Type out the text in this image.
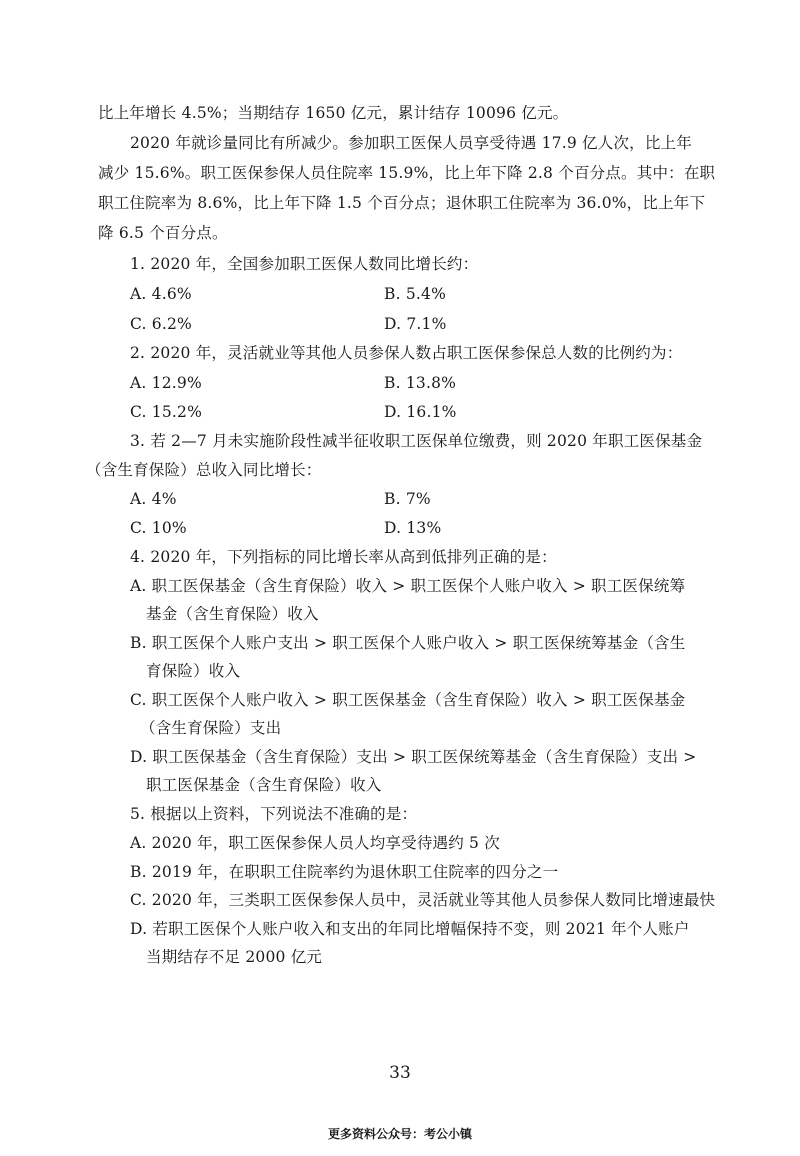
比上年增长 4.5%；当期结存 1650 亿元，累计结存 10096 亿元。
2020 年就诊量同比有所减少。参加职工医保人员享受待遇 17.9 亿人次，比上年
减少 15.6%。职工医保参保人员住院率 15.9%，比上年下降 2.8 个百分点。其中：在职
职工住院率为 8.6%，比上年下降 1.5 个百分点；退休职工住院率为 36.0%，比上年下
降 6.5 个百分点。
1. 2020 年，全国参加职工医保人数同比增长约：
A. 4.6%	B. 5.4%
C. 6.2%	D. 7.1%
2. 2020 年，灵活就业等其他人员参保人数占职工医保参保总人数的比例约为：
A. 12.9%	B. 13.8%
C. 15.2%	D. 16.1%
3. 若 2—7 月未实施阶段性减半征收职工医保单位缴费，则 2020 年职工医保基金
（含生育保险）总收入同比增长：
A. 4%	B. 7%
C. 10%	D. 13%
4. 2020 年，下列指标的同比增长率从高到低排列正确的是：
A. 职工医保基金（含生育保险）收入 > 职工医保个人账户收入 > 职工医保统筹
基金（含生育保险）收入
B. 职工医保个人账户支出 > 职工医保个人账户收入 > 职工医保统筹基金（含生
育保险）收入
C. 职工医保个人账户收入 > 职工医保基金（含生育保险）收入 > 职工医保基金
（含生育保险）支出
D. 职工医保基金（含生育保险）支出 > 职工医保统筹基金（含生育保险）支出 >
职工医保基金（含生育保险）收入
5. 根据以上资料，下列说法不准确的是：
A. 2020 年，职工医保参保人员人均享受待遇约 5 次
B. 2019 年，在职职工住院率约为退休职工住院率的四分之一
C. 2020 年，三类职工医保参保人员中，灵活就业等其他人员参保人数同比增速最快
D. 若职工医保个人账户收入和支出的年同比增幅保持不变，则 2021 年个人账户
当期结存不足 2000 亿元
33
更多资料公众号：考公小镇
